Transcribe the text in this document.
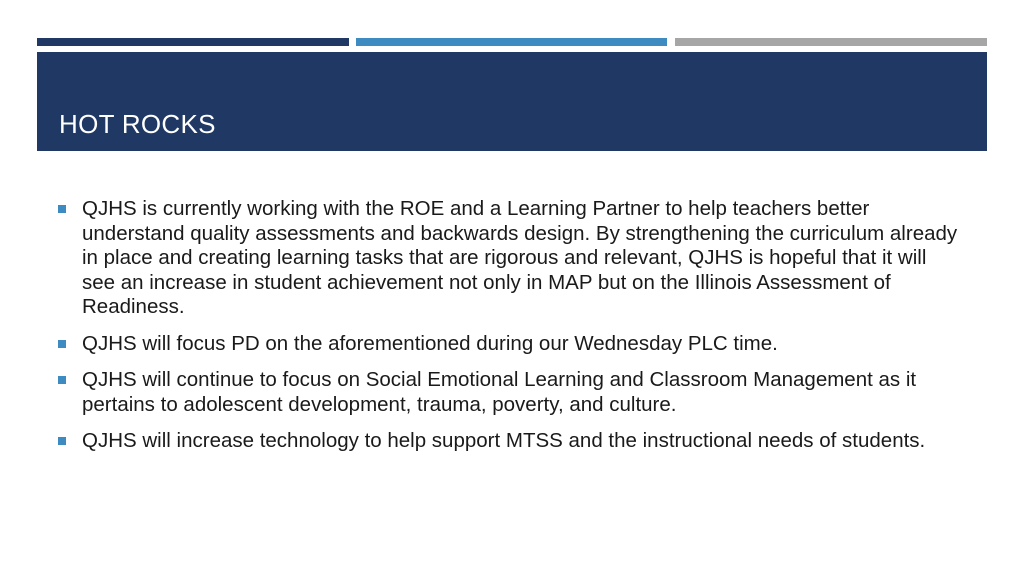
HOT ROCKS
QJHS is currently working with the ROE and a Learning Partner to help teachers better understand quality assessments and backwards design. By strengthening the curriculum already in place and creating learning tasks that are rigorous and relevant, QJHS is hopeful that it will see an increase in student achievement not only in MAP but on the Illinois Assessment of Readiness.
QJHS will focus PD on the aforementioned during our Wednesday PLC time.
QJHS will continue to focus on Social Emotional Learning and Classroom Management as it pertains to adolescent development, trauma, poverty, and culture.
QJHS will increase technology to help support MTSS and the instructional needs of students.
